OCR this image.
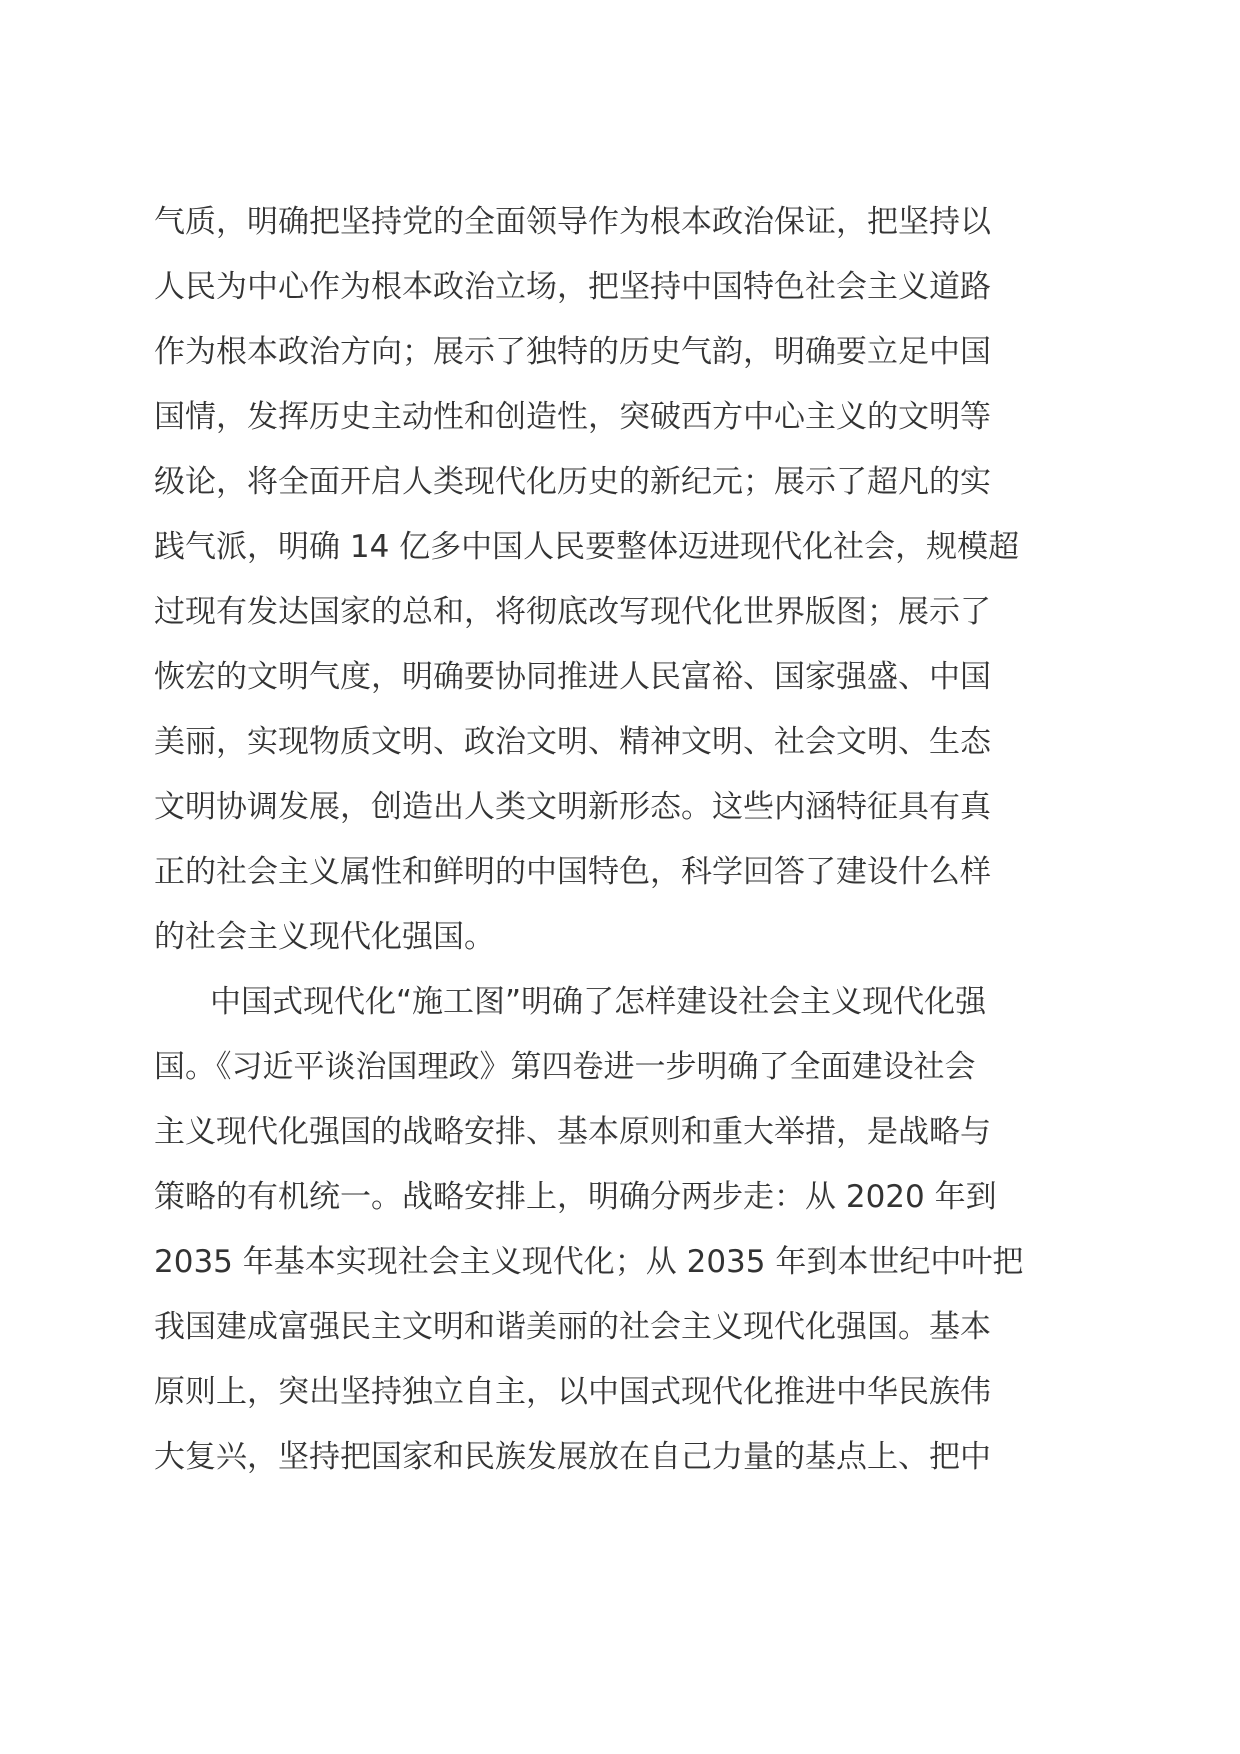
气质，明确把坚持党的全面领导作为根本政治保证，把坚持以
人民为中心作为根本政治立场，把坚持中国特色社会主义道路
作为根本政治方向；展示了独特的历史气韵，明确要立足中国
国情，发挥历史主动性和创造性，突破西方中心主义的文明等
级论，将全面开启人类现代化历史的新纪元；展示了超凡的实
践气派，明确 14 亿多中国人民要整体迈进现代化社会，规模超
过现有发达国家的总和，将彻底改写现代化世界版图；展示了
恢宏的文明气度，明确要协同推进人民富裕、国家强盛、中国
美丽，实现物质文明、政治文明、精神文明、社会文明、生态
文明协调发展，创造出人类文明新形态。这些内涵特征具有真
正的社会主义属性和鲜明的中国特色，科学回答了建设什么样
的社会主义现代化强国。
中国式现代化“施工图”明确了怎样建设社会主义现代化强
国。《习近平谈治国理政》第四卷进一步明确了全面建设社会
主义现代化强国的战略安排、基本原则和重大举措，是战略与
策略的有机统一。战略安排上，明确分两步走：从 2020 年到
2035 年基本实现社会主义现代化；从 2035 年到本世纪中叶把
我国建成富强民主文明和谐美丽的社会主义现代化强国。基本
原则上，突出坚持独立自主，以中国式现代化推进中华民族伟
大复兴，坚持把国家和民族发展放在自己力量的基点上、把中
